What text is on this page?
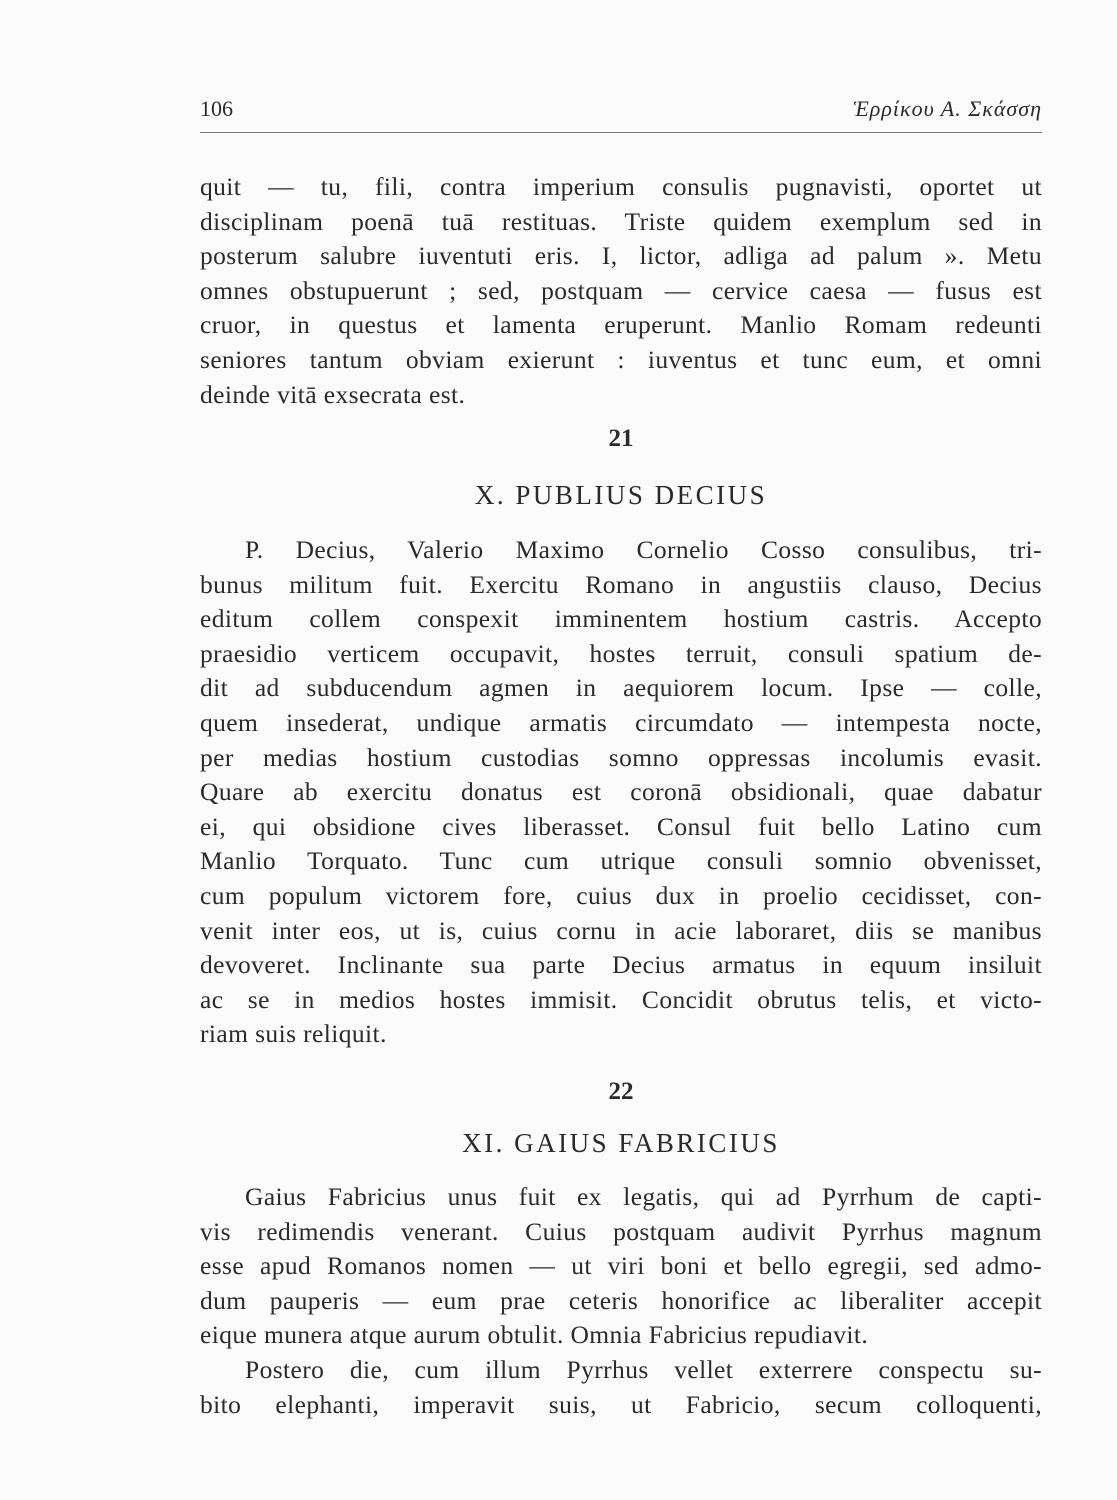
106	Ἑρρίκου Α. Σκάσση
quit — tu, fili, contra imperium consulis pugnavisti, oportet ut
disciplinam poenā tuā restituas. Triste quidem exemplum sed in
posterum salubre iuventuti eris. I, lictor, adliga ad palum ». Metu
omnes obstupuerunt ; sed, postquam — cervice caesa — fusus est
cruor, in questus et lamenta eruperunt. Manlio Romam redeunti
seniores tantum obviam exierunt : iuventus et tunc eum, et omni
deinde vitā exsecrata est.
21
X. PUBLIUS DECIUS
P. Decius, Valerio Maximo Cornelio Cosso consulibus, tri-
bunus militum fuit. Exercitu Romano in angustiis clauso, Decius
editum collem conspexit imminentem hostium castris. Accepto
praesidio verticem occupavit, hostes terruit, consuli spatium de-
dit ad subducendum agmen in aequiorem locum. Ipse — colle,
quem insederat, undique armatis circumdato — intempesta nocte,
per medias hostium custodias somno oppressas incolumis evasit.
Quare ab exercitu donatus est coronā obsidionali, quae dabatur
ei, qui obsidione cives liberasset. Consul fuit bello Latino cum
Manlio Torquato. Tunc cum utrique consuli somnio obvenisset,
cum populum victorem fore, cuius dux in proelio cecidisset, con-
venit inter eos, ut is, cuius cornu in acie laboraret, diis se manibus
devoveret. Inclinante sua parte Decius armatus in equum insiluit
ac se in medios hostes immisit. Concidit obrutus telis, et victo-
riam suis reliquit.
22
XI. GAIUS FABRICIUS
Gaius Fabricius unus fuit ex legatis, qui ad Pyrrhum de capti-
vis redimendis venerant. Cuius postquam audivit Pyrrhus magnum
esse apud Romanos nomen — ut viri boni et bello egregii, sed admo-
dum pauperis — eum prae ceteris honorifice ac liberaliter accepit
eique munera atque aurum obtulit. Omnia Fabricius repudiavit.
Postero die, cum illum Pyrrhus vellet exterrere conspectu su-
bito elephanti, imperavit suis, ut Fabricio, secum colloquenti,
